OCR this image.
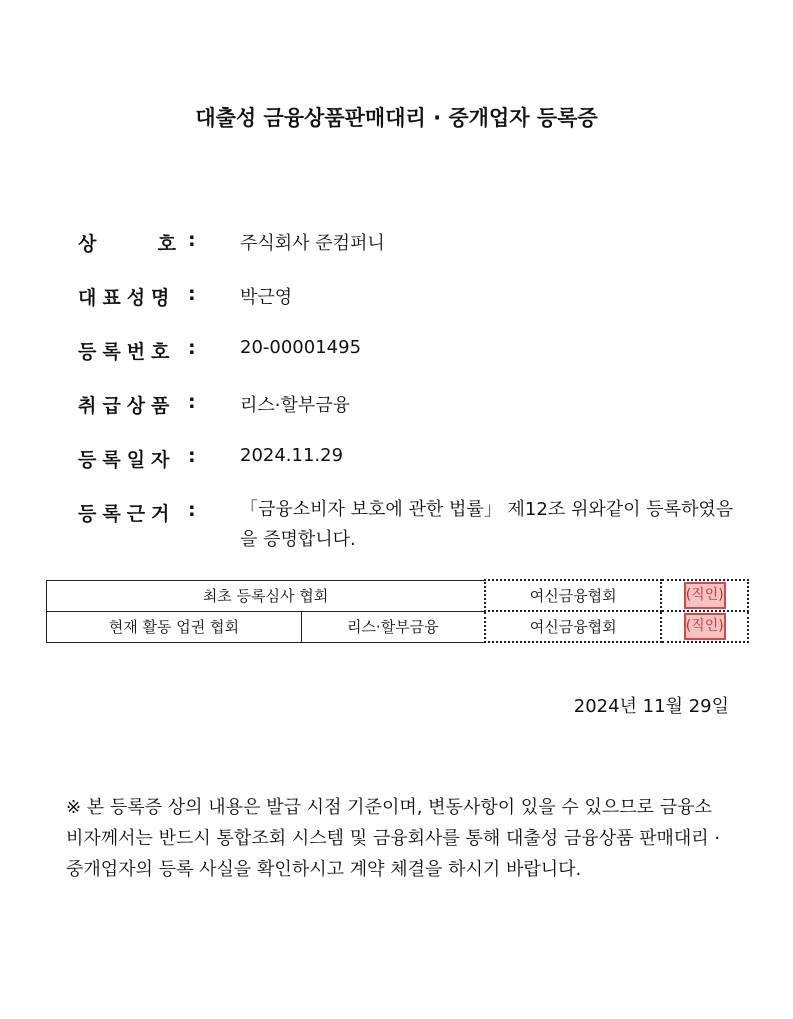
대출성 금융상품판매대리 · 중개업자 등록증
상	호 : 주식회사 준컴퍼니
대표성명 : 박근영
등록번호 : 20-00001495
취급상품 : 리스·할부금융
등록일자 : 2024.11.29
등록근거 : 「금융소비자 보호에 관한 법률」 제12조 위와같이 등록하였음을 증명합니다.
최초 등록심사 협회		여신금융협회	(직인)
현재 활동 업권 협회	리스·할부금융	여신금융협회	(직인)
2024년 11월 29일
※ 본 등록증 상의 내용은 발급 시점 기준이며, 변동사항이 있을 수 있으므로 금융소비자께서는 반드시 통합조회 시스템 및 금융회사를 통해 대출성 금융상품 판매대리 · 중개업자의 등록 사실을 확인하시고 계약 체결을 하시기 바랍니다.
